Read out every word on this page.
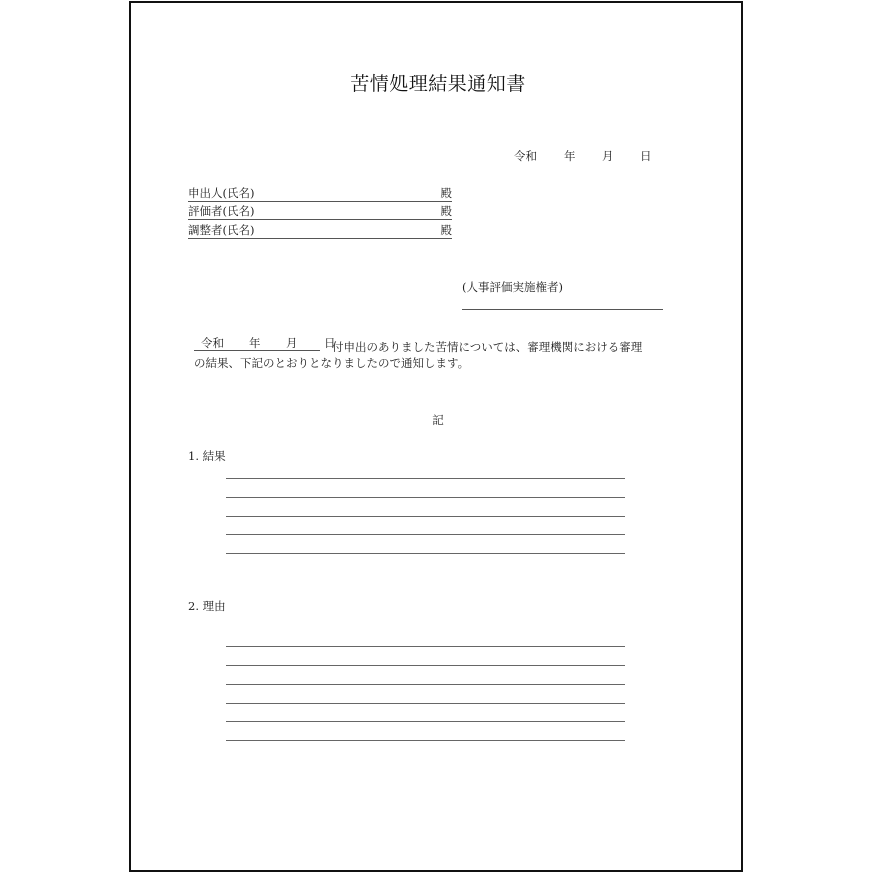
苦情処理結果通知書
令和 年 月 日
申出人(氏名)	殿
評価者(氏名)	殿
調整者(氏名)	殿
(人事評価実施権者)
令和 年 月 日
付申出のありました苦情については、審理機関における審理
の結果、下記のとおりとなりましたので通知します。
記
1. 結果
2. 理由
